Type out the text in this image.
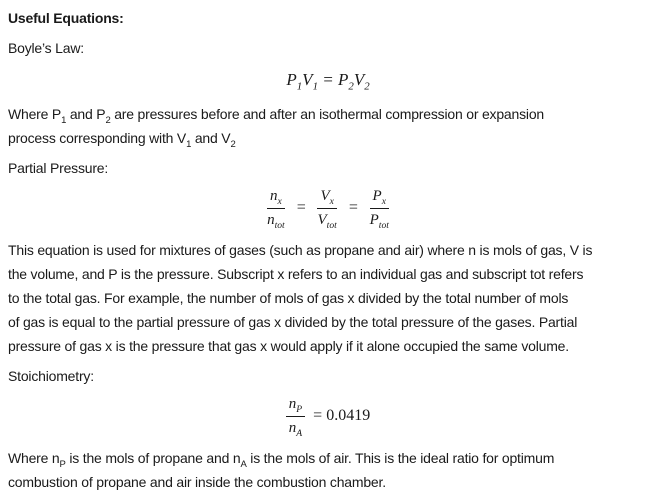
Useful Equations:

Boyle’s Law:

$P_1V_1 = P_2V_2$

Where $P_1$ and $P_2$ are pressures before and after an isothermal compression or expansion
process corresponding with $V_1$ and $V_2$

Partial Pressure:

$\frac{n_x}{n_{tot}} = \frac{V_x}{V_{tot}} = \frac{P_x}{P_{tot}}$

This equation is used for mixtures of gases (such as propane and air) where n is mols of gas, V is
the volume, and P is the pressure. Subscript x refers to an individual gas and subscript tot refers
to the total gas. For example, the number of mols of gas x divided by the total number of mols
of gas is equal to the partial pressure of gas x divided by the total pressure of the gases. Partial
pressure of gas x is the pressure that gas x would apply if it alone occupied the same volume.

Stoichiometry:

$\frac{n_P}{n_A} = 0.0419$

Where $n_P$ is the mols of propane and $n_A$ is the mols of air. This is the ideal ratio for optimum
combustion of propane and air inside the combustion chamber.
